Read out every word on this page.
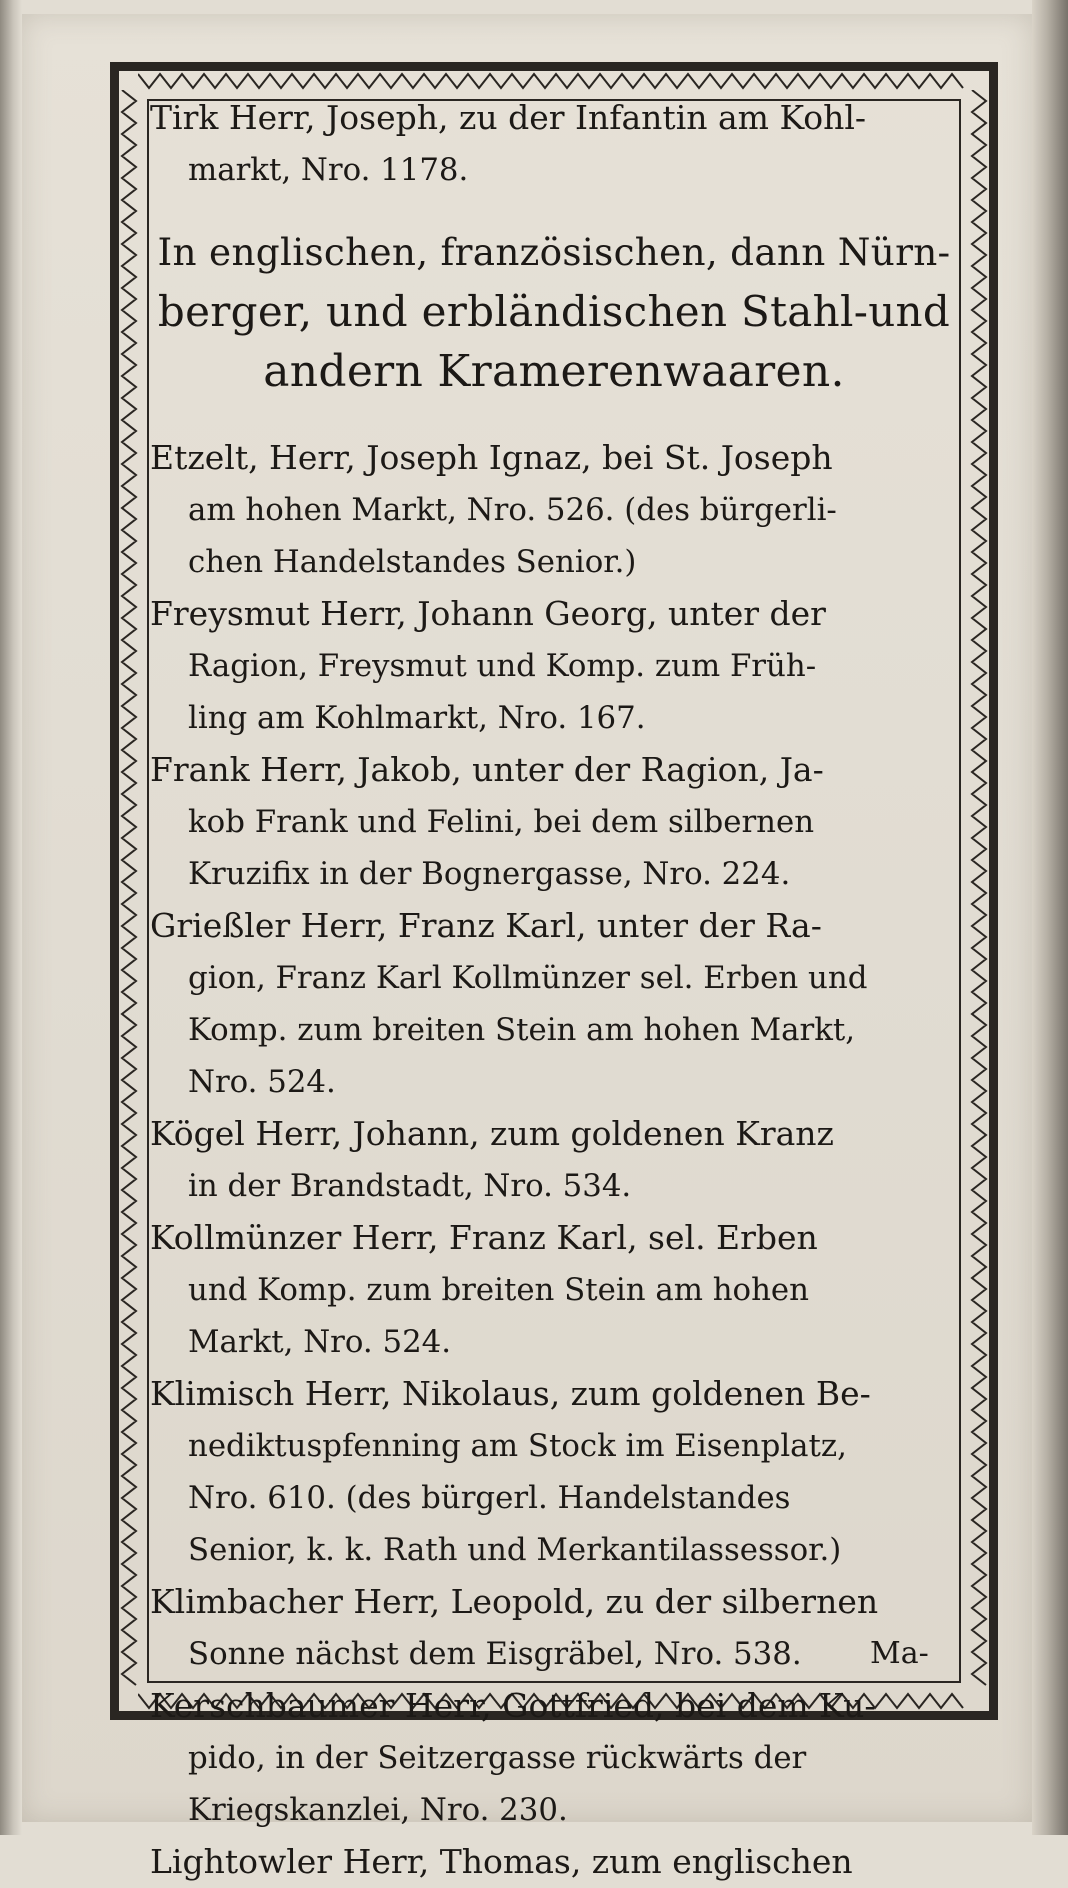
Tirk Herr, Joseph, zu der Infantin am Kohl-
markt, Nro. 1178.
In englischen, französischen, dann Nürn-
berger, und erbländischen Stahl-und
andern Kramerenwaaren.
Etzelt, Herr, Joseph Ignaz, bei St. Joseph
am hohen Markt, Nro. 526. (des bürgerli-
chen Handelstandes Senior.)
Freysmut Herr, Johann Georg, unter der
Ragion, Freysmut und Komp. zum Früh-
ling am Kohlmarkt, Nro. 167.
Frank Herr, Jakob, unter der Ragion, Ja-
kob Frank und Felini, bei dem silbernen
Kruzifix in der Bognergasse, Nro. 224.
Grießler Herr, Franz Karl, unter der Ra-
gion, Franz Karl Kollmünzer sel. Erben und
Komp. zum breiten Stein am hohen Markt,
Nro. 524.
Kögel Herr, Johann, zum goldenen Kranz
in der Brandstadt, Nro. 534.
Kollmünzer Herr, Franz Karl, sel. Erben
und Komp. zum breiten Stein am hohen
Markt, Nro. 524.
Klimisch Herr, Nikolaus, zum goldenen Be-
nediktuspfenning am Stock im Eisenplatz,
Nro. 610. (des bürgerl. Handelstandes
Senior, k. k. Rath und Merkantilassessor.)
Klimbacher Herr, Leopold, zu der silbernen
Sonne nächst dem Eisgräbel, Nro. 538.
Kerschbaumer Herr, Gottfried, bei dem Ku-
pido, in der Seitzergasse rückwärts der
Kriegskanzlei, Nro. 230.
Lightowler Herr, Thomas, zum englischen
Ma-
